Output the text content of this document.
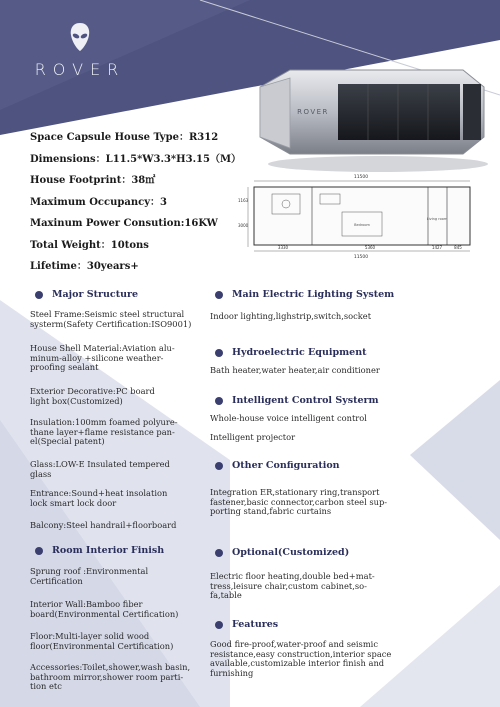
ROVER
Space Capsule House Type：R312
Dimensions：L11.5*W3.3*H3.15（M）
House Footprint：38㎡
Maximum Occupancy：3
Maxinum Power Consution:16KW
Total Weight：10tons
Lifetime：30years+
ROVER
11500
1163
3000	Bedroom
Living room
3330	5360	1427	845
11500
Major Structure
Steel Frame:Seismic steel structural
systerm(Safety Certification:ISO9001)
House Shell Material:Aviation alu-
minum-alloy +silicone weather-
proofing sealant
Exterior Decorative:PC board
light box(Customized)
Insulation:100mm foamed polyure-
thane layer+flame resistance pan-
el(Special patent)
Glass:LOW-E Insulated tempered
glass
Entrance:Sound+heat insolation
lock smart lock door
Balcony:Steel handrail+floorboard
Room Interior Finish
Sprung roof :Environmental
Certification
Interior Wall:Bamboo fiber
board(Environmental Certification)
Floor:Multi-layer solid wood
floor(Environmental Certification)
Accessories:Toilet,shower,wash basin,
bathroom mirror,shower room parti-
tion etc
Main Electric Lighting System
Indoor lighting,lighstrip,switch,socket
Hydroelectric Equipment
Bath heater,water heater,air conditioner
Intelligent Control Systerm
Whole-house voice intelligent control
Intelligent projector
Other Configuration
Integration ER,stationary ring,transport
fastener,basic connector,carbon steel sup-
porting stand,fabric curtains
Optional(Customized)
Electric floor heating,double bed+mat-
tress,leisure chair,custom cabinet,so-
fa,table
Features
Good fire-proof,water-proof and seismic
resistance,easy construction,interior space
available,customizable interior finish and
furnishing
